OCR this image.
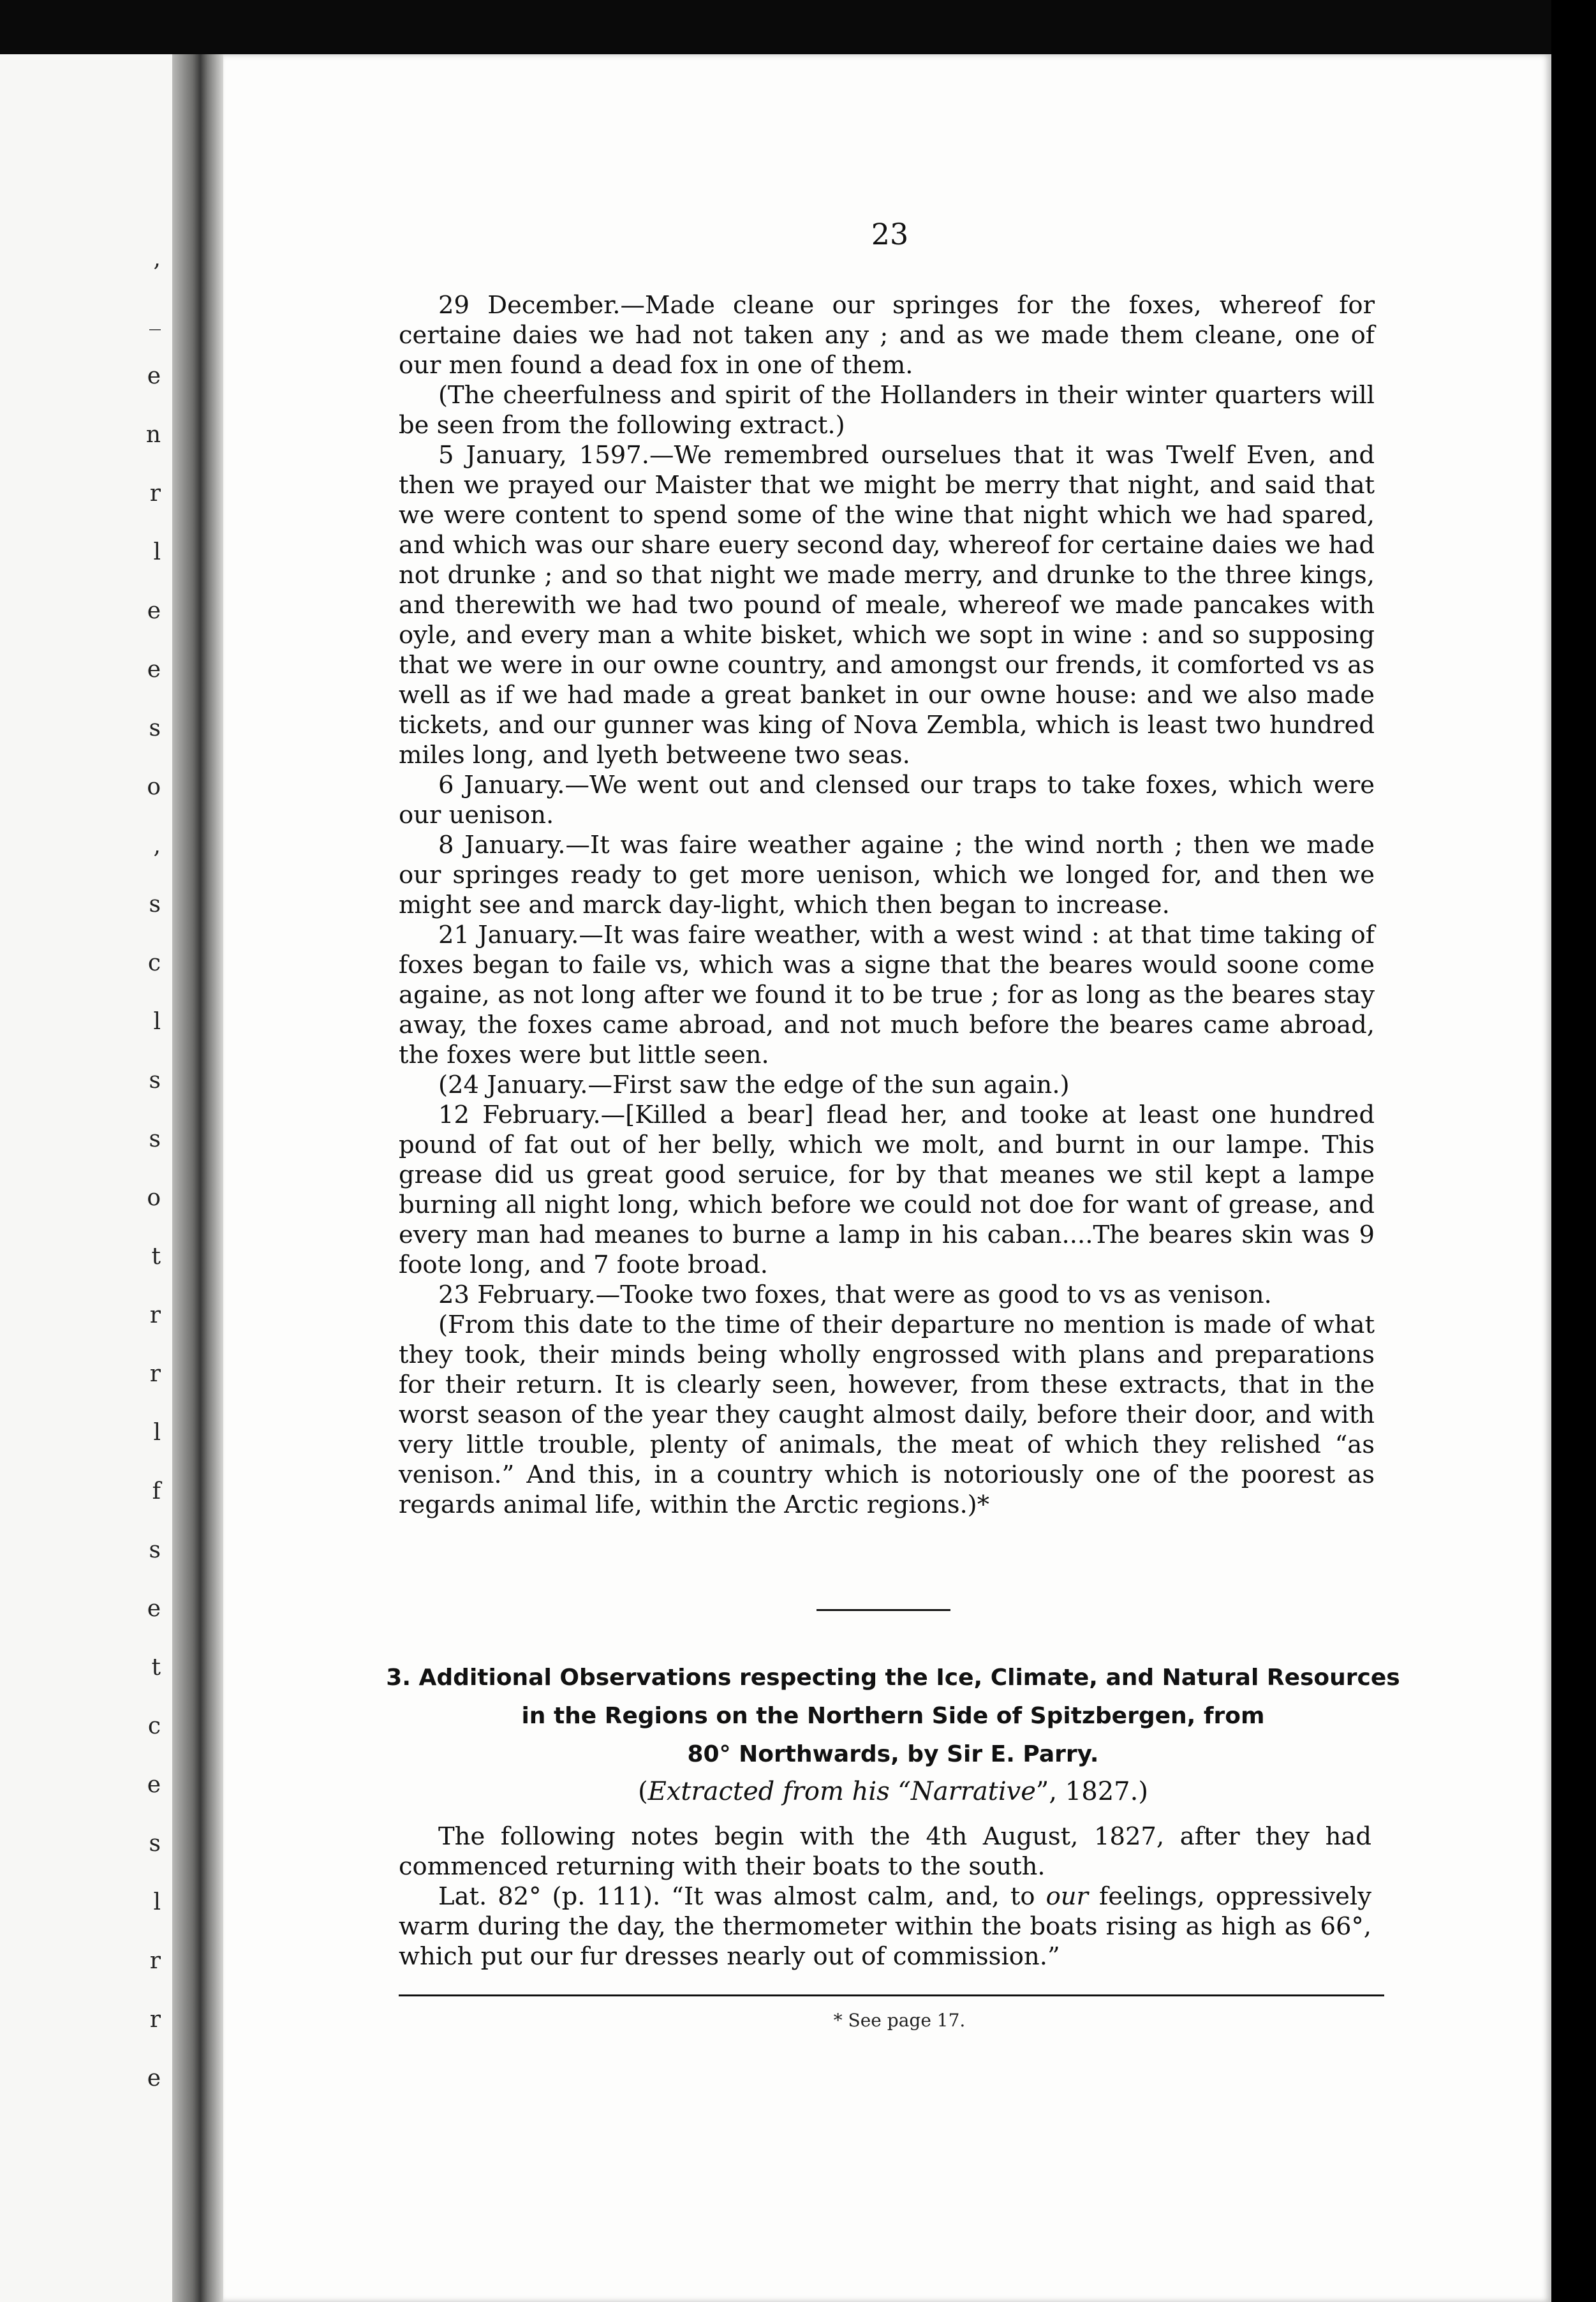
,
_
e
n
r
l
e
e
s
o
,
s
c
l
s
s
o
t
r
r
l
f
s
e
t
c
e
s
l
r
r
e

23

29 December.—Made cleane our springes for the foxes, whereof for certaine daies we had not taken any ; and as we made them cleane, one of our men found a dead fox in one of them.

(The cheerfulness and spirit of the Hollanders in their winter quarters will be seen from the following extract.)

5 January, 1597.—We remembred ourselues that it was Twelf Even, and then we prayed our Maister that we might be merry that night, and said that we were content to spend some of the wine that night which we had spared, and which was our share euery second day, whereof for certaine daies we had not drunke ; and so that night we made merry, and drunke to the three kings, and therewith we had two pound of meale, whereof we made pancakes with oyle, and every man a white bisket, which we sopt in wine : and so supposing that we were in our owne country, and amongst our frends, it comforted vs as well as if we had made a great banket in our owne house: and we also made tickets, and our gunner was king of Nova Zembla, which is least two hundred miles long, and lyeth betweene two seas.

6 January.—We went out and clensed our traps to take foxes, which were our uenison.

8 January.—It was faire weather againe ; the wind north ; then we made our springes ready to get more uenison, which we longed for, and then we might see and marck day-light, which then began to increase.

21 January.—It was faire weather, with a west wind : at that time taking of foxes began to faile vs, which was a signe that the beares would soone come againe, as not long after we found it to be true ; for as long as the beares stay away, the foxes came abroad, and not much before the beares came abroad, the foxes were but little seen.

(24 January.—First saw the edge of the sun again.)

12 February.—[Killed a bear] flead her, and tooke at least one hundred pound of fat out of her belly, which we molt, and burnt in our lampe. This grease did us great good seruice, for by that meanes we stil kept a lampe burning all night long, which before we could not doe for want of grease, and every man had meanes to burne a lamp in his caban....The beares skin was 9 foote long, and 7 foote broad.

23 February.—Tooke two foxes, that were as good to vs as venison.

(From this date to the time of their departure no mention is made of what they took, their minds being wholly engrossed with plans and preparations for their return. It is clearly seen, however, from these extracts, that in the worst season of the year they caught almost daily, before their door, and with very little trouble, plenty of animals, the meat of which they relished “as venison.” And this, in a country which is notoriously one of the poorest as regards animal life, within the Arctic regions.)*

3. Additional Observations respecting the Ice, Climate, and Natural Resources
in the Regions on the Northern Side of Spitzbergen, from
80° Northwards, by Sir E. Parry.

(Extracted from his “Narrative”, 1827.)

The following notes begin with the 4th August, 1827, after they had commenced returning with their boats to the south.

Lat. 82° (p. 111). “It was almost calm, and, to our feelings, oppressively warm during the day, the thermometer within the boats rising as high as 66°, which put our fur dresses nearly out of commission.”

* See page 17.
